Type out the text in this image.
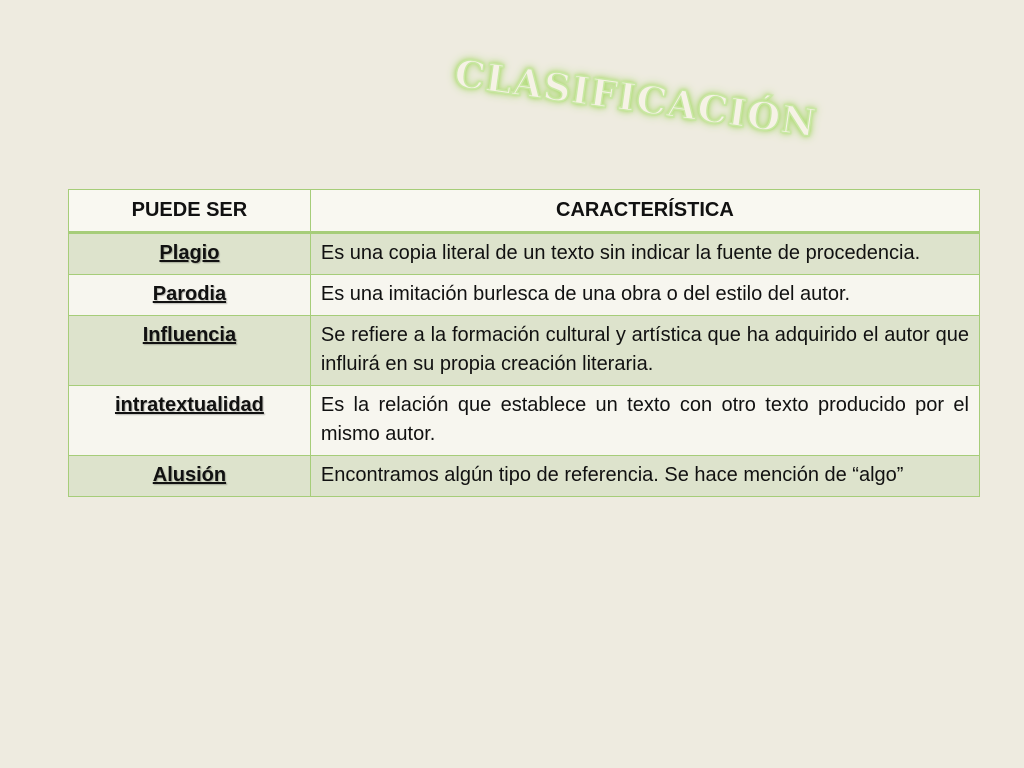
CLASIFICACIÓN
PUEDE SER	CARACTERÍSTICA
Plagio	Es una copia literal de un texto sin indicar la fuente de procedencia.
Parodia	Es una imitación burlesca de una obra o del estilo del autor.
Influencia	Se refiere a la formación cultural y artística que ha adquirido el autor que influirá en su propia creación literaria.
intratextualidad	Es la relación que establece un texto con otro texto producido por el mismo autor.
Alusión	Encontramos algún tipo de referencia. Se hace mención de “algo”
